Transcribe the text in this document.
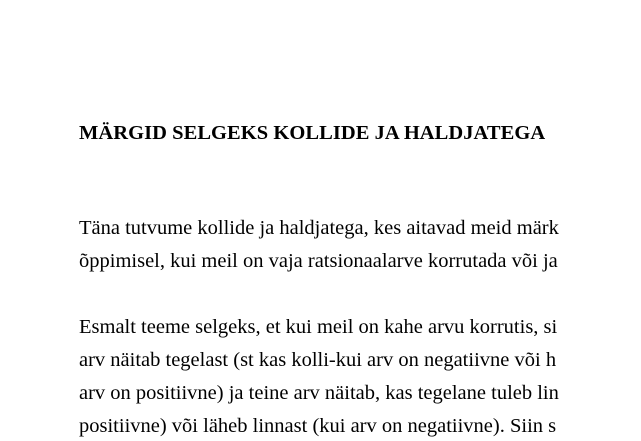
MÄRGID SELGEKS KOLLIDE JA HALDJATEGA

Täna tutvume kollide ja haldjatega, kes aitavad meid märk

õppimisel, kui meil on vaja ratsionaalarve korrutada või ja

Esmalt teeme selgeks, et kui meil on kahe arvu korrutis, si

arv näitab tegelast (st kas kolli-kui arv on negatiivne või h

arv on positiivne) ja teine arv näitab, kas tegelane tuleb lin

positiivne) või läheb linnast (kui arv on negatiivne). Siin s
